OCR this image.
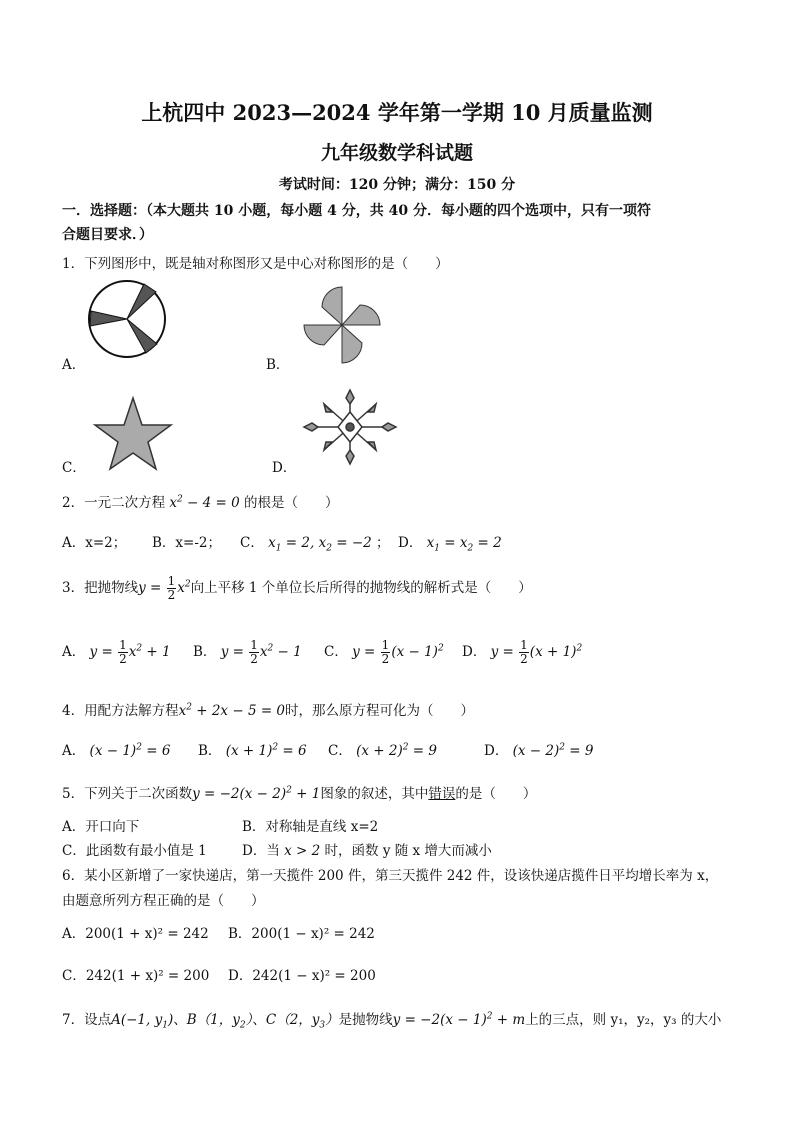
上杭四中 2023—2024 学年第一学期 10 月质量监测
九年级数学科试题
考试时间：120 分钟；满分：150 分
一．选择题：（本大题共 10 小题，每小题 4 分，共 40 分．每小题的四个选项中，只有一项符
合题目要求．）
1．下列图形中，既是轴对称图形又是中心对称图形的是（　　）
A．	B．
C．	D．
2．一元二次方程 $x^2 - 4 = 0$ 的根是（　　）
A．x=2； B．x=-2； C． $x_1 = 2$, $x_2 = -2$ ； D． $x_1 = x_2 = 2$
3．把抛物线$y = \frac{1}{2} x^2$向上平移 1 个单位长后所得的抛物线的解析式是（　　）
A． $y = \frac{1}{2} x^2 + 1$ B． $y = \frac{1}{2} x^2 - 1$ C． $y = \frac{1}{2} (x - 1)^2$ D． $y = \frac{1}{2} (x + 1)^2$
4．用配方法解方程$x^2 + 2x - 5 = 0$时，那么原方程可化为（　　）
A． $(x - 1)^2 = 6$ B． $(x + 1)^2 = 6$ C． $(x + 2)^2 = 9$	D． $(x - 2)^2 = 9$
5．下列关于二次函数$y = -2(x - 2)^2 + 1$图象的叙述，其中错误的是（　　）
A．开口向下	B．对称轴是直线 x=2
C．此函数有最小值是 1	D．当 x > 2 时，函数 y 随 x 增大而减小
6．某小区新增了一家快递店，第一天揽件 200 件，第三天揽件 242 件，设该快递店揽件日平均增长率为 x，
由题意所列方程正确的是（　　）
A．200(1 + x)² = 242 B．200(1 − x)² = 242
C．242(1 + x)² = 200 D．242(1 − x)² = 200
7．设点A(−1, $y_1$)、B（1，$y_2$）、C（2，$y_3$）是抛物线$y = -2(x - 1)^2 + m$上的三点，则 y₁，y₂，y₃ 的大小
